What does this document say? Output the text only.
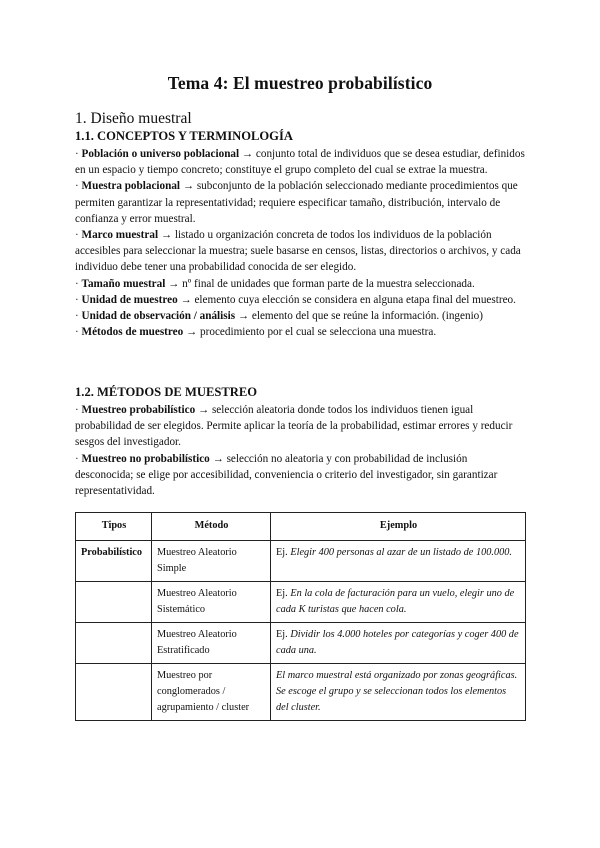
Tema 4: El muestreo probabilístico
1. Diseño muestral
1.1. CONCEPTOS Y TERMINOLOGÍA

· Población o universo poblacional → conjunto total de individuos que se desea estudiar, definidos en un espacio y tiempo concreto; constituye el grupo completo del cual se extrae la muestra.

· Muestra poblacional → subconjunto de la población seleccionado mediante procedimientos que permiten garantizar la representatividad; requiere especificar tamaño, distribución, intervalo de confianza y error muestral.

· Marco muestral → listado u organización concreta de todos los individuos de la población accesibles para seleccionar la muestra; suele basarse en censos, listas, directorios o archivos, y cada individuo debe tener una probabilidad conocida de ser elegido.

· Tamaño muestral → nº final de unidades que forman parte de la muestra seleccionada.

· Unidad de muestreo → elemento cuya elección se considera en alguna etapa final del muestreo.

· Unidad de observación / análisis → elemento del que se reúne la información. (ingenio)

· Métodos de muestreo → procedimiento por el cual se selecciona una muestra.

1.2. MÉTODOS DE MUESTREO

· Muestreo probabilístico → selección aleatoria donde todos los individuos tienen igual probabilidad de ser elegidos. Permite aplicar la teoría de la probabilidad, estimar errores y reducir sesgos del investigador.

· Muestreo no probabilístico → selección no aleatoria y con probabilidad de inclusión desconocida; se elige por accesibilidad, conveniencia o criterio del investigador, sin garantizar representatividad.

Tipos	Método	Ejemplo
Probabilístico	Muestreo Aleatorio Simple	Ej. Elegir 400 personas al azar de un listado de 100.000.
	Muestreo Aleatorio Sistemático	Ej. En la cola de facturación para un vuelo, elegir uno de cada K turistas que hacen cola.
	Muestreo Aleatorio Estratificado	Ej. Dividir los 4.000 hoteles por categorías y coger 400 de cada una.
	Muestreo por conglomerados / agrupamiento / cluster	El marco muestral está organizado por zonas geográficas. Se escoge el grupo y se seleccionan todos los elementos del cluster.
